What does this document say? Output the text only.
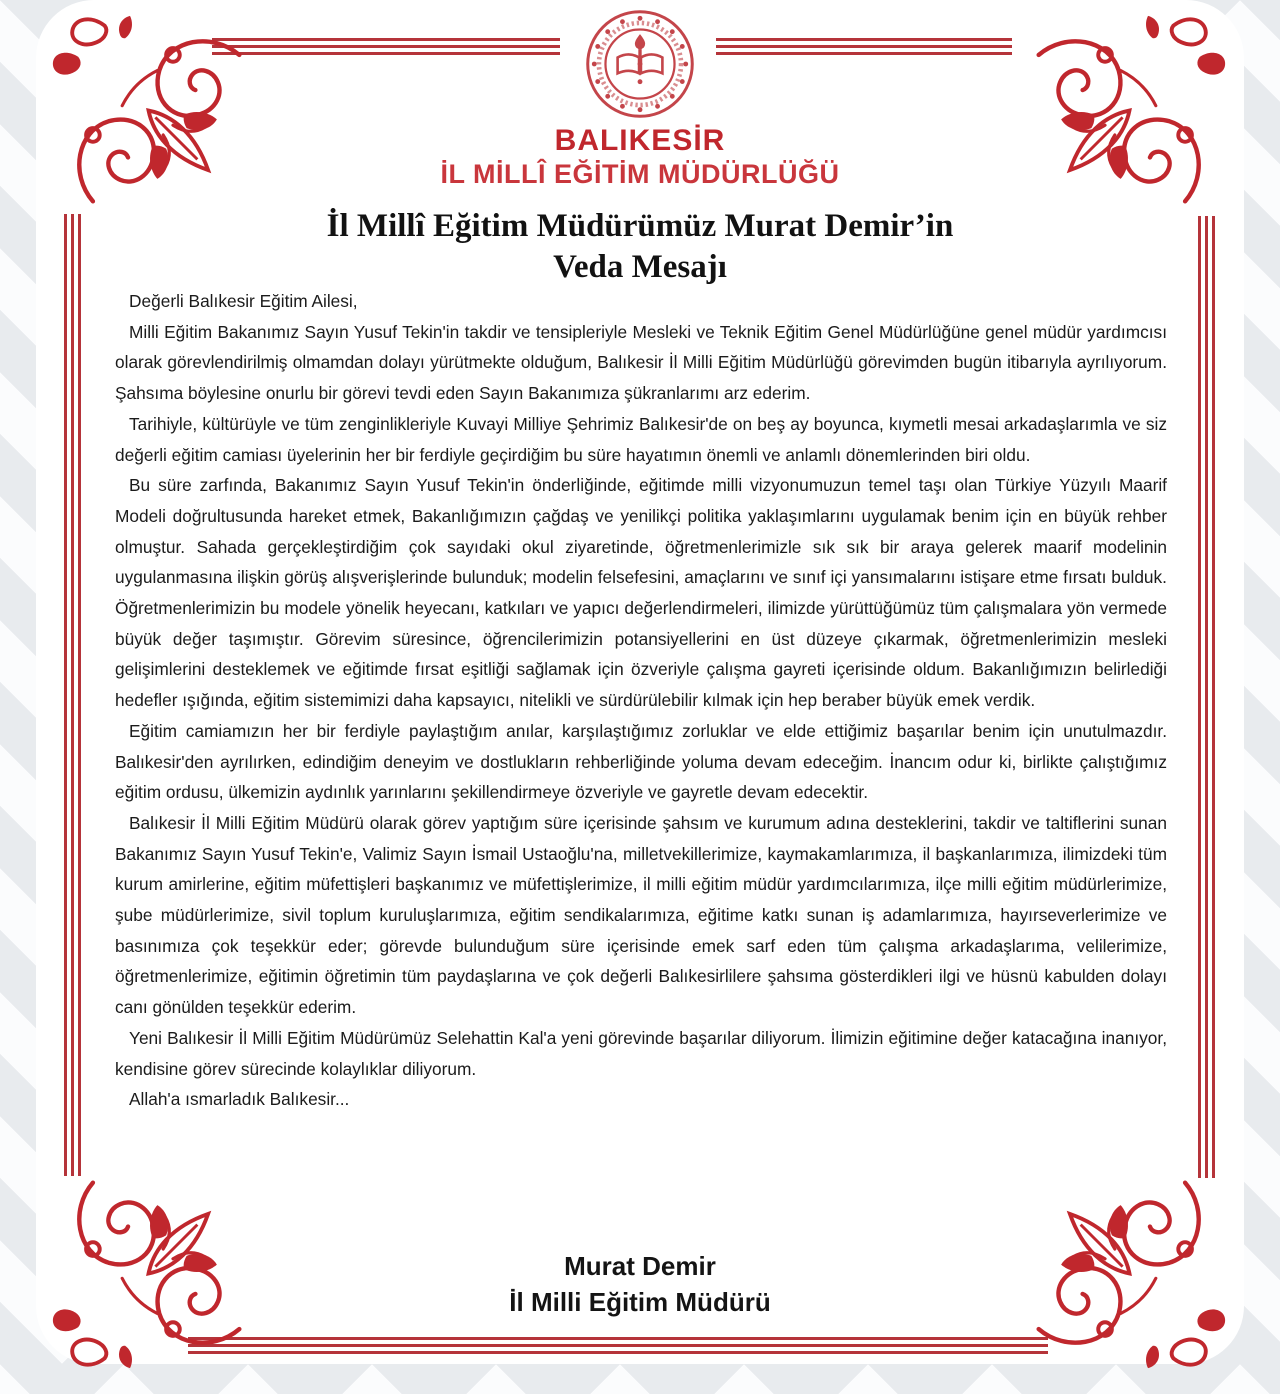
BALIKESİR
İL MİLLÎ EĞİTİM MÜDÜRLÜĞÜ
İl Millî Eğitim Müdürümüz Murat Demir’in
Veda Mesajı

Değerli Balıkesir Eğitim Ailesi,

Milli Eğitim Bakanımız Sayın Yusuf Tekin'in takdir ve tensipleriyle Mesleki ve Teknik Eğitim Genel Müdürlüğüne genel müdür yardımcısı olarak görevlendirilmiş olmamdan dolayı yürütmekte olduğum, Balıkesir İl Milli Eğitim Müdürlüğü görevimden bugün itibarıyla ayrılıyorum. Şahsıma böylesine onurlu bir görevi tevdi eden Sayın Bakanımıza şükranlarımı arz ederim.

Tarihiyle, kültürüyle ve tüm zenginlikleriyle Kuvayi Milliye Şehrimiz Balıkesir'de on beş ay boyunca, kıymetli mesai arkadaşlarımla ve siz değerli eğitim camiası üyelerinin her bir ferdiyle geçirdiğim bu süre hayatımın önemli ve anlamlı dönemlerinden biri oldu.

Bu süre zarfında, Bakanımız Sayın Yusuf Tekin'in önderliğinde, eğitimde milli vizyonumuzun temel taşı olan Türkiye Yüzyılı Maarif Modeli doğrultusunda hareket etmek, Bakanlığımızın çağdaş ve yenilikçi politika yaklaşımlarını uygulamak benim için en büyük rehber olmuştur. Sahada gerçekleştirdiğim çok sayıdaki okul ziyaretinde, öğretmenlerimizle sık sık bir araya gelerek maarif modelinin uygulanmasına ilişkin görüş alışverişlerinde bulunduk; modelin felsefesini, amaçlarını ve sınıf içi yansımalarını istişare etme fırsatı bulduk. Öğretmenlerimizin bu modele yönelik heyecanı, katkıları ve yapıcı değerlendirmeleri, ilimizde yürüttüğümüz tüm çalışmalara yön vermede büyük değer taşımıştır. Görevim süresince, öğrencilerimizin potansiyellerini en üst düzeye çıkarmak, öğretmenlerimizin mesleki gelişimlerini desteklemek ve eğitimde fırsat eşitliği sağlamak için özveriyle çalışma gayreti içerisinde oldum. Bakanlığımızın belirlediği hedefler ışığında, eğitim sistemimizi daha kapsayıcı, nitelikli ve sürdürülebilir kılmak için hep beraber büyük emek verdik.

Eğitim camiamızın her bir ferdiyle paylaştığım anılar, karşılaştığımız zorluklar ve elde ettiğimiz başarılar benim için unutulmazdır. Balıkesir'den ayrılırken, edindiğim deneyim ve dostlukların rehberliğinde yoluma devam edeceğim. İnancım odur ki, birlikte çalıştığımız eğitim ordusu, ülkemizin aydınlık yarınlarını şekillendirmeye özveriyle ve gayretle devam edecektir.

Balıkesir İl Milli Eğitim Müdürü olarak görev yaptığım süre içerisinde şahsım ve kurumum adına desteklerini, takdir ve taltiflerini sunan Bakanımız Sayın Yusuf Tekin'e, Valimiz Sayın İsmail Ustaoğlu'na, milletvekillerimize, kaymakamlarımıza, il başkanlarımıza, ilimizdeki tüm kurum amirlerine, eğitim müfettişleri başkanımız ve müfettişlerimize, il milli eğitim müdür yardımcılarımıza, ilçe milli eğitim müdürlerimize, şube müdürlerimize, sivil toplum kuruluşlarımıza, eğitim sendikalarımıza, eğitime katkı sunan iş adamlarımıza, hayırseverlerimize ve basınımıza çok teşekkür eder; görevde bulunduğum süre içerisinde emek sarf eden tüm çalışma arkadaşlarıma, velilerimize, öğretmenlerimize, eğitimin öğretimin tüm paydaşlarına ve çok değerli Balıkesirlilere şahsıma gösterdikleri ilgi ve hüsnü kabulden dolayı canı gönülden teşekkür ederim.

Yeni Balıkesir İl Milli Eğitim Müdürümüz Selehattin Kal'a yeni görevinde başarılar diliyorum. İlimizin eğitimine değer katacağına inanıyor, kendisine görev sürecinde kolaylıklar diliyorum.

Allah'a ısmarladık Balıkesir...

Murat Demir
İl Milli Eğitim Müdürü
